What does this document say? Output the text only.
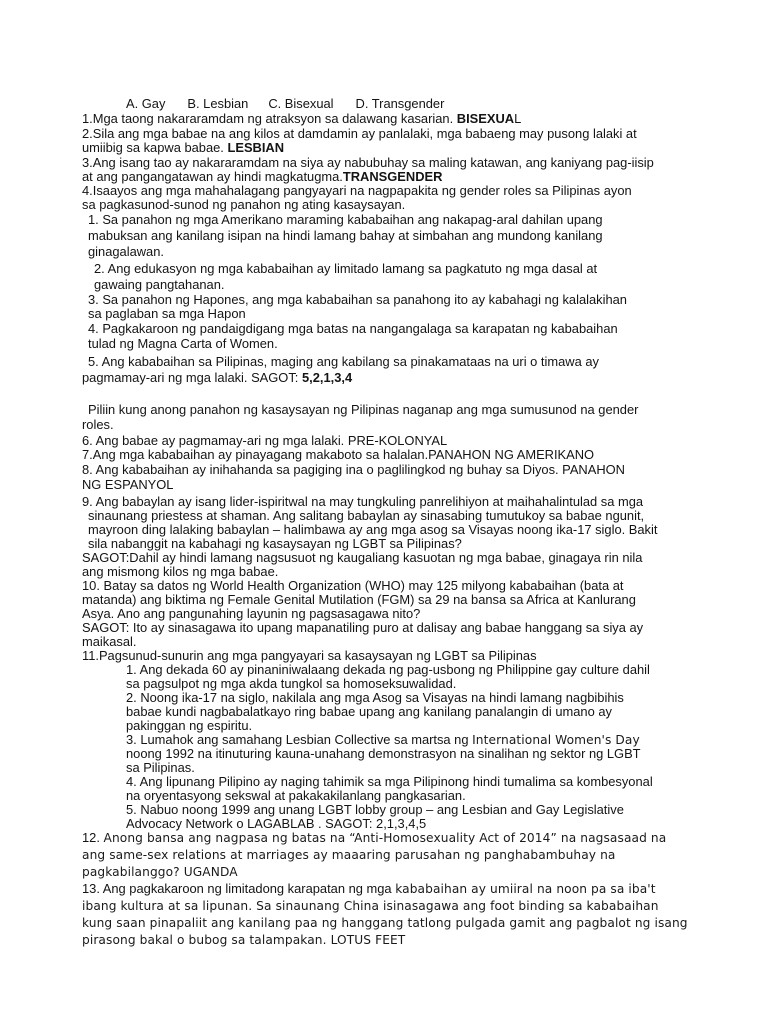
A. Gay B. Lesbian C. Bisexual D. Transgender
1.Mga taong nakararamdam ng atraksyon sa dalawang kasarian. BISEXUAL
2.Sila ang mga babae na ang kilos at damdamin ay panlalaki, mga babaeng may pusong lalaki at
umiibig sa kapwa babae. LESBIAN
3.Ang isang tao ay nakararamdam na siya ay nabubuhay sa maling katawan, ang kaniyang pag-iisip
at ang pangangatawan ay hindi magkatugma.TRANSGENDER
4.Isaayos ang mga mahahalagang pangyayari na nagpapakita ng gender roles sa Pilipinas ayon
sa pagkasunod-sunod ng panahon ng ating kasaysayan.
1. Sa panahon ng mga Amerikano maraming kababaihan ang nakapag-aral dahilan upang
mabuksan ang kanilang isipan na hindi lamang bahay at simbahan ang mundong kanilang
ginagalawan.
2. Ang edukasyon ng mga kababaihan ay limitado lamang sa pagkatuto ng mga dasal at
gawaing pangtahanan.
3. Sa panahon ng Hapones, ang mga kababaihan sa panahong ito ay kabahagi ng kalalakihan
sa paglaban sa mga Hapon
4. Pagkakaroon ng pandaigdigang mga batas na nangangalaga sa karapatan ng kababaihan
tulad ng Magna Carta of Women.
5. Ang kababaihan sa Pilipinas, maging ang kabilang sa pinakamataas na uri o timawa ay
pagmamay-ari ng mga lalaki. SAGOT: 5,2,1,3,4
Piliin kung anong panahon ng kasaysayan ng Pilipinas naganap ang mga sumusunod na gender
roles.
6. Ang babae ay pagmamay-ari ng mga lalaki. PRE-KOLONYAL
7.Ang mga kababaihan ay pinayagang makaboto sa halalan.PANAHON NG AMERIKANO
8. Ang kababaihan ay inihahanda sa pagiging ina o paglilingkod ng buhay sa Diyos. PANAHON
NG ESPANYOL
9. Ang babaylan ay isang lider-ispiritwal na may tungkuling panrelihiyon at maihahalintulad sa mga
sinaunang priestess at shaman. Ang salitang babaylan ay sinasabing tumutukoy sa babae ngunit,
mayroon ding lalaking babaylan – halimbawa ay ang mga asog sa Visayas noong ika-17 siglo. Bakit
sila nabanggit na kabahagi ng kasaysayan ng LGBT sa Pilipinas?
SAGOT:Dahil ay hindi lamang nagsusuot ng kaugaliang kasuotan ng mga babae, ginagaya rin nila
ang mismong kilos ng mga babae.
10. Batay sa datos ng World Health Organization (WHO) may 125 milyong kababaihan (bata at
matanda) ang biktima ng Female Genital Mutilation (FGM) sa 29 na bansa sa Africa at Kanlurang
Asya. Ano ang pangunahing layunin ng pagsasagawa nito?
SAGOT: Ito ay sinasagawa ito upang mapanatiling puro at dalisay ang babae hanggang sa siya ay
maikasal.
11.Pagsunud-sunurin ang mga pangyayari sa kasaysayan ng LGBT sa Pilipinas
1. Ang dekada 60 ay pinaniniwalaang dekada ng pag-usbong ng Philippine gay culture dahil
sa pagsulpot ng mga akda tungkol sa homoseksuwalidad.
2. Noong ika-17 na siglo, nakilala ang mga Asog sa Visayas na hindi lamang nagbibihis
babae kundi nagbabalatkayo ring babae upang ang kanilang panalangin di umano ay
pakinggan ng espiritu.
3. Lumahok ang samahang Lesbian Collective sa martsa ng International Women's Day
noong 1992 na itinuturing kauna-unahang demonstrasyon na sinalihan ng sektor ng LGBT
sa Pilipinas.
4. Ang lipunang Pilipino ay naging tahimik sa mga Pilipinong hindi tumalima sa kombesyonal
na oryentasyong sekswal at pakakakilanlang pangkasarian.
5. Nabuo noong 1999 ang unang LGBT lobby group – ang Lesbian and Gay Legislative
Advocacy Network o LAGABLAB . SAGOT: 2,1,3,4,5
12. Anong bansa ang nagpasa ng batas na “Anti-Homosexuality Act of 2014” na nagsasaad na
ang same-sex relations at marriages ay maaaring parusahan ng panghabambuhay na
pagkabilanggo? UGANDA
13. Ang pagkakaroon ng limitadong karapatan ng mga kababaihan ay umiiral na noon pa sa iba't
ibang kultura at sa lipunan. Sa sinaunang China isinasagawa ang foot binding sa kababaihan
kung saan pinapaliit ang kanilang paa ng hanggang tatlong pulgada gamit ang pagbalot ng isang
pirasong bakal o bubog sa talampakan. LOTUS FEET
